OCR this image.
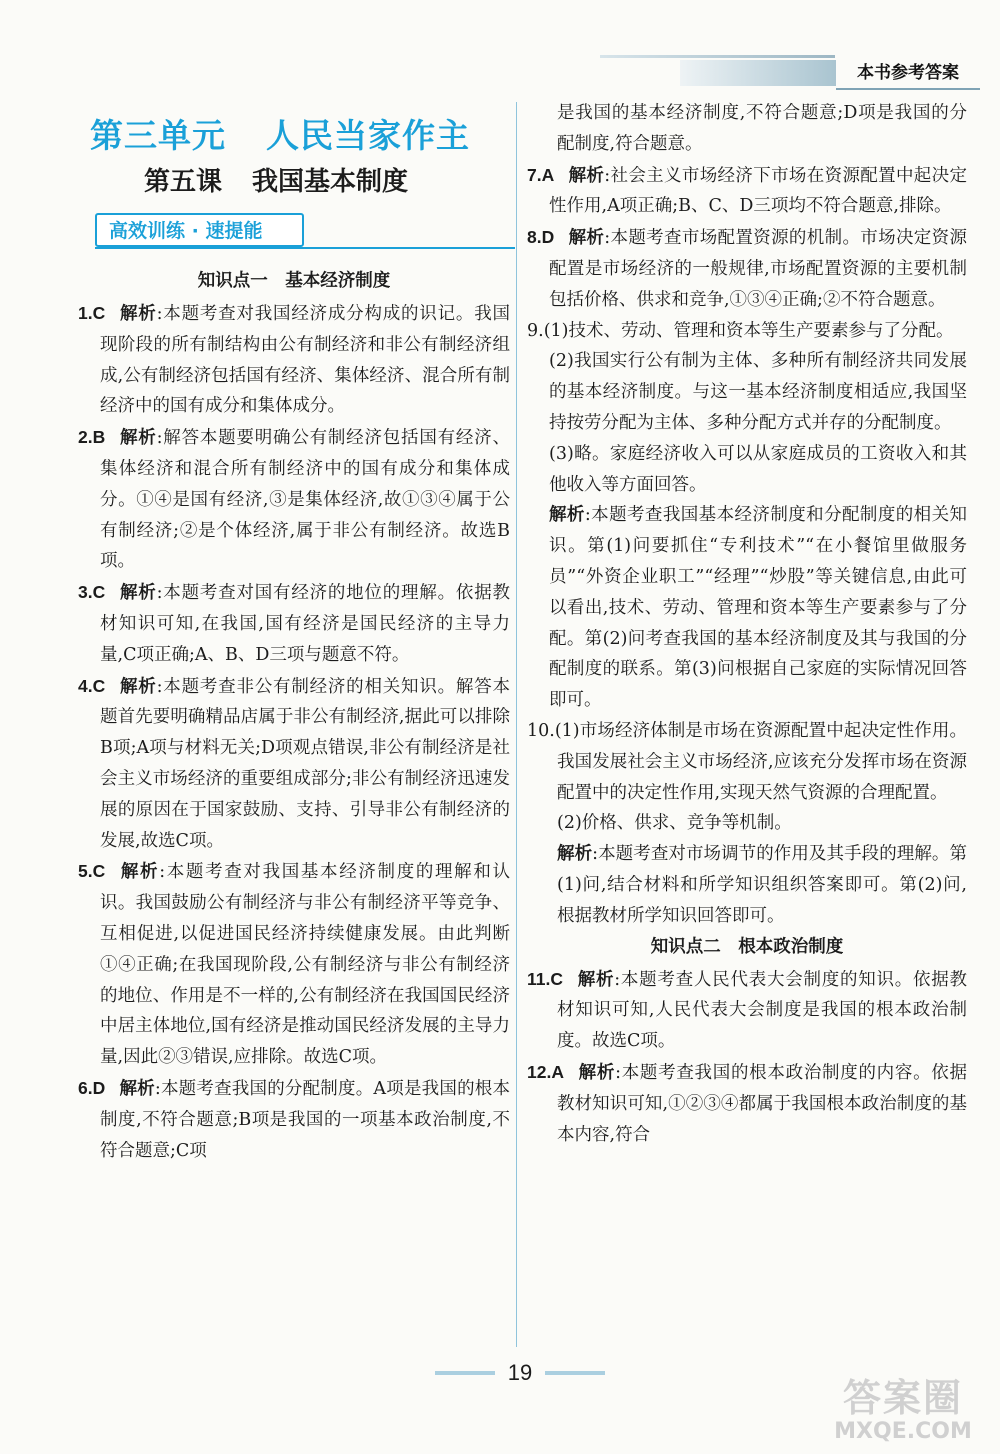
本书参考答案
第三单元 人民当家作主
第五课 我国基本制度
高效训练 · 速提能
知识点一　基本经济制度

1.C 解析:本题考查对我国经济成分构成的识记。我国现阶段的所有制结构由公有制经济和非公有制经济组成,公有制经济包括国有经济、集体经济、混合所有制经济中的国有成分和集体成分。

2.B 解析:解答本题要明确公有制经济包括国有经济、集体经济和混合所有制经济中的国有成分和集体成分。①④是国有经济,③是集体经济,故①③④属于公有制经济;②是个体经济,属于非公有制经济。故选B项。

3.C 解析:本题考查对国有经济的地位的理解。依据教材知识可知,在我国,国有经济是国民经济的主导力量,C项正确;A、B、D三项与题意不符。

4.C 解析:本题考查非公有制经济的相关知识。解答本题首先要明确精品店属于非公有制经济,据此可以排除B项;A项与材料无关;D项观点错误,非公有制经济是社会主义市场经济的重要组成部分;非公有制经济迅速发展的原因在于国家鼓励、支持、引导非公有制经济的发展,故选C项。

5.C 解析:本题考查对我国基本经济制度的理解和认识。我国鼓励公有制经济与非公有制经济平等竞争、互相促进,以促进国民经济持续健康发展。由此判断①④正确;在我国现阶段,公有制经济与非公有制经济的地位、作用是不一样的,公有制经济在我国国民经济中居主体地位,国有经济是推动国民经济发展的主导力量,因此②③错误,应排除。故选C项。

6.D 解析:本题考查我国的分配制度。A项是我国的根本制度,不符合题意;B项是我国的一项基本政治制度,不符合题意;C项

是我国的基本经济制度,不符合题意;D项是我国的分配制度,符合题意。

7.A 解析:社会主义市场经济下市场在资源配置中起决定性作用,A项正确;B、C、D三项均不符合题意,排除。

8.D 解析:本题考查市场配置资源的机制。市场决定资源配置是市场经济的一般规律,市场配置资源的主要机制包括价格、供求和竞争,①③④正确;②不符合题意。

9.(1)技术、劳动、管理和资本等生产要素参与了分配。

(2)我国实行公有制为主体、多种所有制经济共同发展的基本经济制度。与这一基本经济制度相适应,我国坚持按劳分配为主体、多种分配方式并存的分配制度。

(3)略。家庭经济收入可以从家庭成员的工资收入和其他收入等方面回答。

解析:本题考查我国基本经济制度和分配制度的相关知识。第(1)问要抓住“专利技术”“在小餐馆里做服务员”“外资企业职工”“经理”“炒股”等关键信息,由此可以看出,技术、劳动、管理和资本等生产要素参与了分配。第(2)问考查我国的基本经济制度及其与我国的分配制度的联系。第(3)问根据自己家庭的实际情况回答即可。

10.(1)市场经济体制是市场在资源配置中起决定性作用。我国发展社会主义市场经济,应该充分发挥市场在资源配置中的决定性作用,实现天然气资源的合理配置。

(2)价格、供求、竞争等机制。

解析:本题考查对市场调节的作用及其手段的理解。第(1)问,结合材料和所学知识组织答案即可。第(2)问,根据教材所学知识回答即可。

知识点二　根本政治制度

11.C 解析:本题考查人民代表大会制度的知识。依据教材知识可知,人民代表大会制度是我国的根本政治制度。故选C项。

12.A 解析:本题考查我国的根本政治制度的内容。依据教材知识可知,①②③④都属于我国根本政治制度的基本内容,符合

19
答案圈
MXQE.COM
